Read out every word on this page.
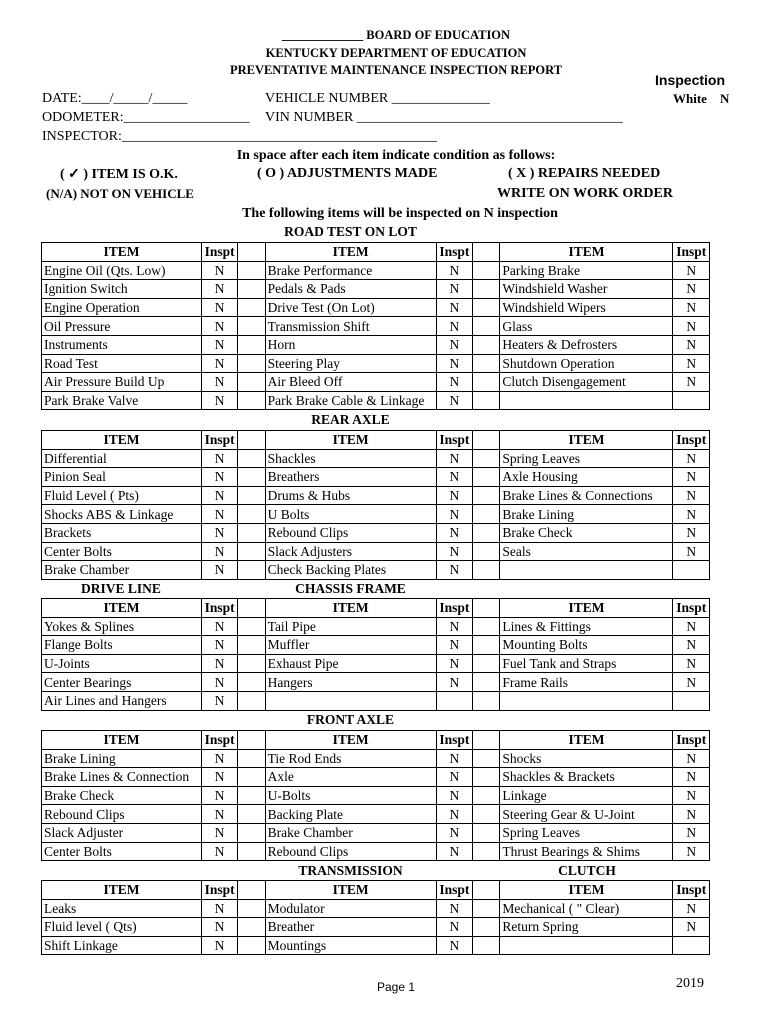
_____________ BOARD OF EDUCATION
KENTUCKY DEPARTMENT OF EDUCATION
PREVENTATIVE MAINTENANCE INSPECTION REPORT
Inspection
White    N
DATE:____/_____/_____	VEHICLE NUMBER ______________
ODOMETER:__________________ VIN NUMBER ______________________________________
INSPECTOR:_____________________________________________
In space after each item indicate condition as follows:
( ✓ ) ITEM IS O.K.	( O ) ADJUSTMENTS MADE	( X ) REPAIRS NEEDED
(N/A) NOT ON VEHICLE	WRITE ON WORK ORDER
The following items will be inspected on N inspection
ROAD TEST ON LOT
REAR AXLE
DRIVE LINE	CHASSIS FRAME
FRONT AXLE
TRANSMISSION	CLUTCH
ITEM	Inspt		ITEM	Inspt		ITEM	Inspt
Engine Oil (Qts. Low)	N		Brake Performance	N		Parking Brake	N
Ignition Switch	N		Pedals & Pads	N		Windshield Washer	N
Engine Operation	N		Drive Test (On Lot)	N		Windshield Wipers	N
Oil Pressure	N		Transmission Shift	N		Glass	N
Instruments	N		Horn	N		Heaters & Defrosters	N
Road Test	N		Steering Play	N		Shutdown Operation	N
Air Pressure Build Up	N		Air Bleed Off	N		Clutch Disengagement	N
Park Brake Valve	N		Park Brake Cable & Linkage	N			
ITEM	Inspt		ITEM	Inspt		ITEM	Inspt
Differential	N		Shackles	N		Spring Leaves	N
Pinion Seal	N		Breathers	N		Axle Housing	N
Fluid Level ( Pts)	N		Drums & Hubs	N		Brake Lines & Connections	N
Shocks ABS & Linkage	N		U Bolts	N		Brake Lining	N
Brackets	N		Rebound Clips	N		Brake Check	N
Center Bolts	N		Slack Adjusters	N		Seals	N
Brake Chamber	N		Check Backing Plates	N			
ITEM	Inspt		ITEM	Inspt		ITEM	Inspt
Yokes & Splines	N		Tail Pipe	N		Lines & Fittings	N
Flange Bolts	N		Muffler	N		Mounting Bolts	N
U-Joints	N		Exhaust Pipe	N		Fuel Tank and Straps	N
Center Bearings	N		Hangers	N		Frame Rails	N
Air Lines and Hangers	N						
ITEM	Inspt		ITEM	Inspt		ITEM	Inspt
Brake Lining	N		Tie Rod Ends	N		Shocks	N
Brake Lines & Connection	N		Axle	N		Shackles & Brackets	N
Brake Check	N		U-Bolts	N		Linkage	N
Rebound Clips	N		Backing Plate	N		Steering Gear & U-Joint	N
Slack Adjuster	N		Brake Chamber	N		Spring Leaves	N
Center Bolts	N		Rebound Clips	N		Thrust Bearings & Shims	N
ITEM	Inspt		ITEM	Inspt		ITEM	Inspt
Leaks	N		Modulator	N		Mechanical ( " Clear)	N
Fluid level ( Qts)	N		Breather	N		Return Spring	N
Shift Linkage	N		Mountings	N			
Page 1	2019
